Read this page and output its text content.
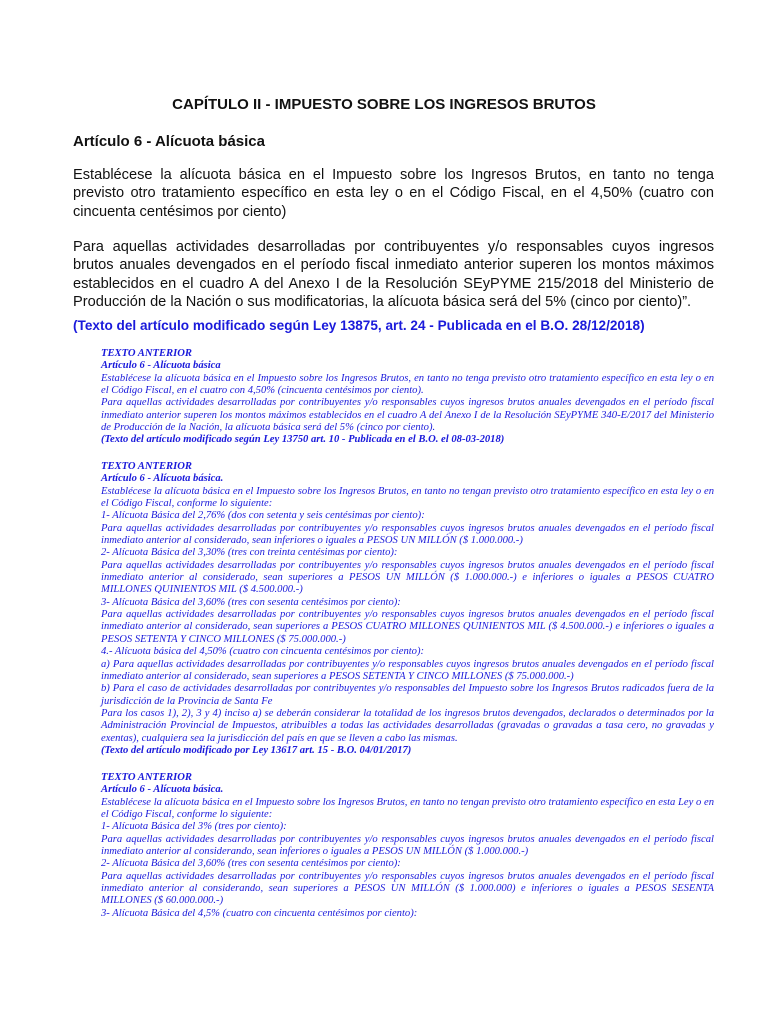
CAPÍTULO II - IMPUESTO SOBRE LOS INGRESOS BRUTOS
Artículo 6 - Alícuota básica

Establécese la alícuota básica en el Impuesto sobre los Ingresos Brutos, en tanto no tenga previsto otro tratamiento específico en esta ley o en el Código Fiscal, en el 4,50% (cuatro con cincuenta centésimos por ciento)

Para aquellas actividades desarrolladas por contribuyentes y/o responsables cuyos ingresos brutos anuales devengados en el período fiscal inmediato anterior superen los montos máximos establecidos en el cuadro A del Anexo I de la Resolución SEyPYME 215/2018 del Ministerio de Producción de la Nación o sus modificatorias, la alícuota básica será del 5% (cinco por ciento)”.

(Texto del artículo modificado según Ley 13875, art. 24 - Publicada en el B.O. 28/12/2018)

TEXTO ANTERIOR

Artículo 6 - Alícuota básica

Establécese la alícuota básica en el Impuesto sobre los Ingresos Brutos, en tanto no tenga previsto otro tratamiento específico en esta ley o en el Código Fiscal, en el cuatro con 4,50% (cincuenta centésimos por ciento).

Para aquellas actividades desarrolladas por contribuyentes y/o responsables cuyos ingresos brutos anuales devengados en el período fiscal inmediato anterior superen los montos máximos establecidos en el cuadro A del Anexo I de la Resolución SEyPYME 340-E/2017 del Ministerio de Producción de la Nación, la alícuota básica será del 5% (cinco por ciento).

(Texto del artículo modificado según Ley 13750 art. 10 - Publicada en el B.O. el 08-03-2018)

TEXTO ANTERIOR

Artículo 6 - Alícuota básica.

Establécese la alícuota básica en el Impuesto sobre los Ingresos Brutos, en tanto no tengan previsto otro tratamiento específico en esta ley o en el Código Fiscal, conforme lo siguiente:

1- Alícuota Básica del 2,76% (dos con setenta y seis centésimas por ciento):

Para aquellas actividades desarrolladas por contribuyentes y/o responsables cuyos ingresos brutos anuales devengados en el período fiscal inmediato anterior al considerado, sean inferiores o iguales a PESOS UN MILLÓN ($ 1.000.000.-)

2- Alícuota Básica del 3,30% (tres con treinta centésimas por ciento):

Para aquellas actividades desarrolladas por contribuyentes y/o responsables cuyos ingresos brutos anuales devengados en el período fiscal inmediato anterior al considerado, sean superiores a PESOS UN MILLÓN ($ 1.000.000.-) e inferiores o iguales a PESOS CUATRO MILLONES QUINIENTOS MIL ($ 4.500.000.-)

3- Alícuota Básica del 3,60% (tres con sesenta centésimos por ciento):

Para aquellas actividades desarrolladas por contribuyentes y/o responsables cuyos ingresos brutos anuales devengados en el período fiscal inmediato anterior al considerado, sean superiores a PESOS CUATRO MILLONES QUINIENTOS MIL ($ 4.500.000.-) e inferiores o iguales a PESOS SETENTA Y CINCO MILLONES ($ 75.000.000.-)

4.- Alícuota básica del 4,50% (cuatro con cincuenta centésimos por ciento):

a) Para aquellas actividades desarrolladas por contribuyentes y/o responsables cuyos ingresos brutos anuales devengados en el período fiscal inmediato anterior al considerado, sean superiores a PESOS SETENTA Y CINCO MILLONES ($ 75.000.000.-)

b) Para el caso de actividades desarrolladas por contribuyentes y/o responsables del Impuesto sobre los Ingresos Brutos radicados fuera de la jurisdicción de la Provincia de Santa Fe

Para los casos 1), 2), 3 y 4) inciso a) se deberán considerar la totalidad de los ingresos brutos devengados, declarados o determinados por la Administración Provincial de Impuestos, atribuibles a todas las actividades desarrolladas (gravadas o gravadas a tasa cero, no gravadas y exentas), cualquiera sea la jurisdicción del país en que se lleven a cabo las mismas.

(Texto del artículo modificado por Ley 13617 art. 15 - B.O. 04/01/2017)

TEXTO ANTERIOR

Artículo 6 - Alícuota básica.

Establécese la alícuota básica en el Impuesto sobre los Ingresos Brutos, en tanto no tengan previsto otro tratamiento específico en esta Ley o en el Código Fiscal, conforme lo siguiente:

1- Alícuota Básica del 3% (tres por ciento):

Para aquellas actividades desarrolladas por contribuyentes y/o responsables cuyos ingresos brutos anuales devengados en el período fiscal inmediato anterior al considerando, sean inferiores o iguales a PESOS UN MILLÓN ($ 1.000.000.-)

2- Alícuota Básica del 3,60% (tres con sesenta centésimos por ciento):

Para aquellas actividades desarrolladas por contribuyentes y/o responsables cuyos ingresos brutos anuales devengados en el período fiscal inmediato anterior al considerando, sean superiores a PESOS UN MILLÓN ($ 1.000.000) e inferiores o iguales a PESOS SESENTA MILLONES ($ 60.000.000.-)

3- Alícuota Básica del 4,5% (cuatro con cincuenta centésimos por ciento):
